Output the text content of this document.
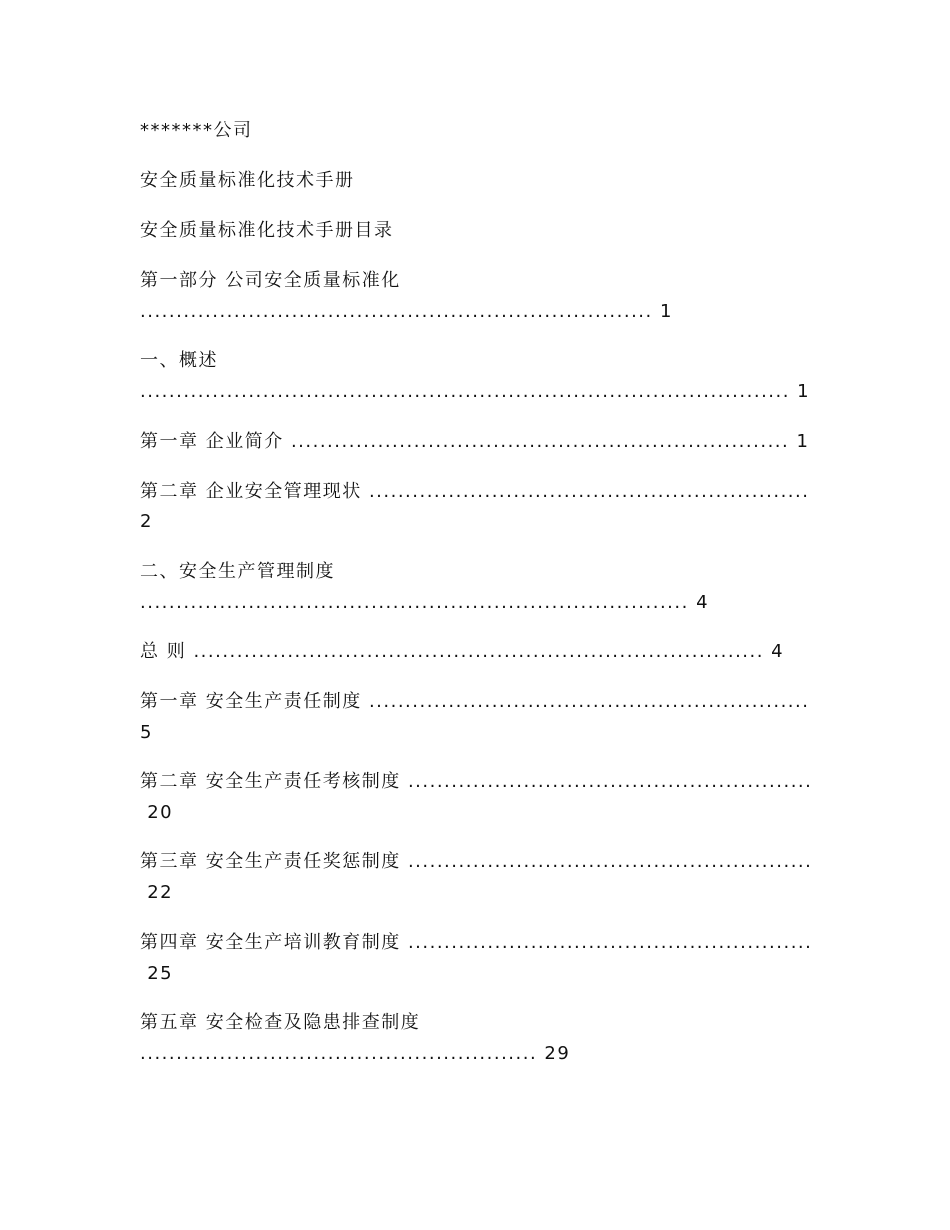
*******公司
安全质量标准化技术手册
安全质量标准化技术手册目录
第一部分 公司安全质量标准化
....................................................................... 1
一、概述
.......................................................................................... 1
第一章 企业简介 ..................................................................... 1
第二章 企业安全管理现状 .............................................................
2
二、安全生产管理制度
............................................................................ 4
总 则 ............................................................................... 4
第一章 安全生产责任制度 .............................................................
5
第二章 安全生产责任考核制度 ........................................................
20
第三章 安全生产责任奖惩制度 ........................................................
22
第四章 安全生产培训教育制度 ........................................................
25
第五章 安全检查及隐患排查制度
....................................................... 29
